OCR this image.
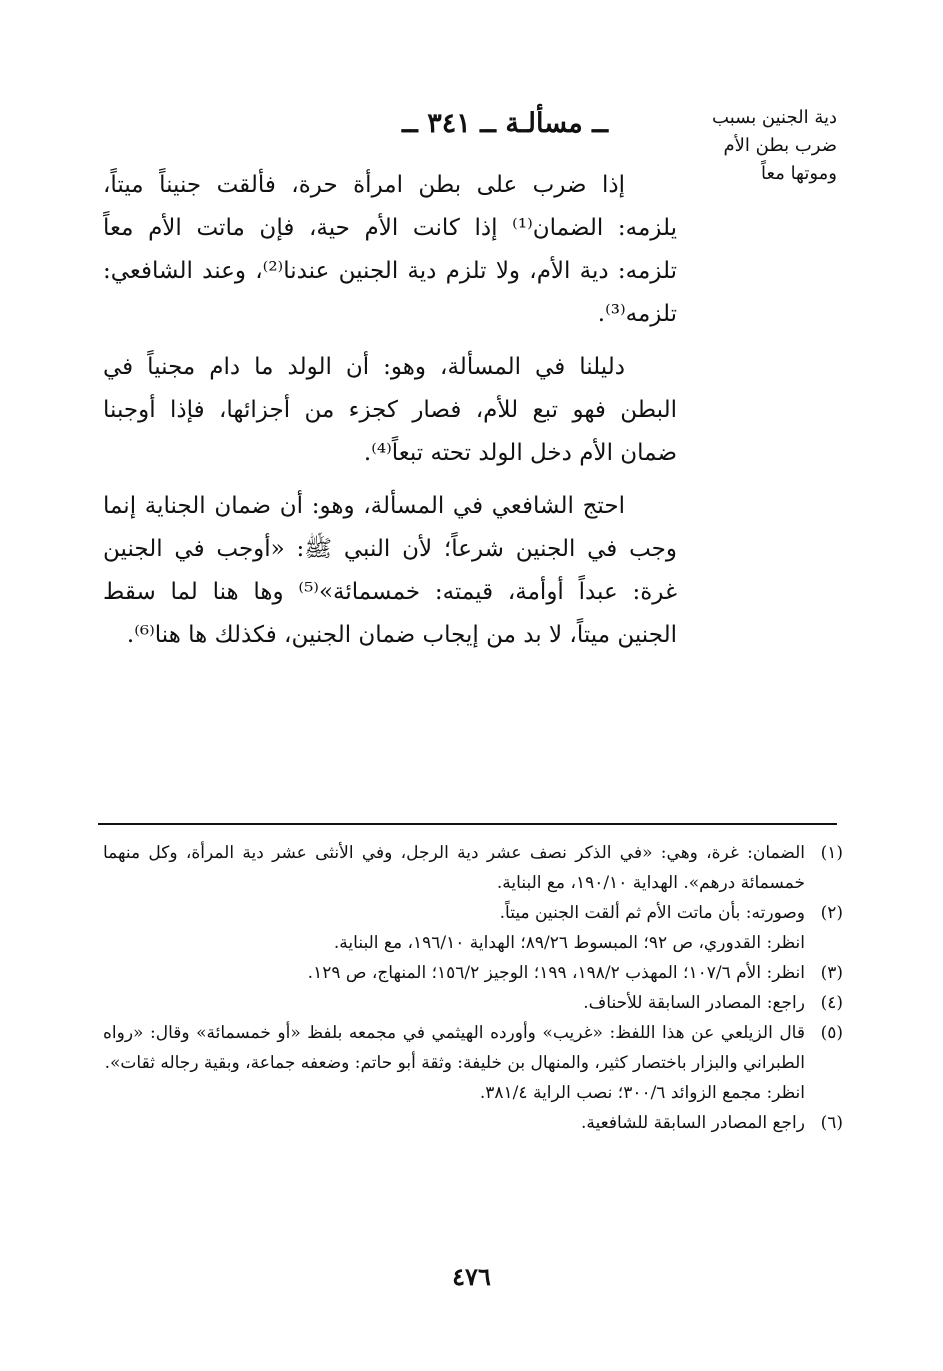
دية الجنين بسبب
ضرب بطن الأم
وموتها معاً
ــ مسألـة ــ ٣٤١ ــ

إذا ضرب على بطن امرأة حرة، فألقت جنيناً ميتاً، يلزمه: الضمان⁽¹⁾ إذا كانت الأم حية، فإن ماتت الأم معاً تلزمه: دية الأم، ولا تلزم دية الجنين عندنا⁽²⁾، وعند الشافعي: تلزمه⁽³⁾.

دليلنا في المسألة، وهو: أن الولد ما دام مجنياً في البطن فهو تبع للأم، فصار كجزء من أجزائها، فإذا أوجبنا ضمان الأم دخل الولد تحته تبعاً⁽⁴⁾.

احتج الشافعي في المسألة، وهو: أن ضمان الجناية إنما وجب في الجنين شرعاً؛ لأن النبي ﷺ: «أوجب في الجنين غرة: عبداً أوأمة، قيمته: خمسمائة»⁽⁵⁾ وها هنا لما سقط الجنين ميتاً، لا بد من إيجاب ضمان الجنين، فكذلك ها هنا⁽⁶⁾.

(١)
الضمان: غرة، وهي: «في الذكر نصف عشر دية الرجل، وفي الأنثى عشر دية المرأة، وكل منهما خمسمائة درهم». الهداية ١٩٠/١٠، مع البناية.
(٢)
وصورته: بأن ماتت الأم ثم ألقت الجنين ميتاً.
انظر: القدوري، ص ٩٢؛ المبسوط ٨٩/٢٦؛ الهداية ١٩٦/١٠، مع البناية.
(٣)
انظر: الأم ١٠٧/٦؛ المهذب ١٩٨/٢، ١٩٩؛ الوجيز ١٥٦/٢؛ المنهاج، ص ١٢٩.
(٤)
راجع: المصادر السابقة للأحناف.
(٥)
قال الزيلعي عن هذا اللفظ: «غريب» وأورده الهيثمي في مجمعه بلفظ «أو خمسمائة» وقال: «رواه الطبراني والبزار باختصار كثير، والمنهال بن خليفة: وثقة أبو حاتم: وضعفه جماعة، وبقية رجاله ثقات».
انظر: مجمع الزوائد ٣٠٠/٦؛ نصب الراية ٣٨١/٤.
(٦)
راجع المصادر السابقة للشافعية.
٤٧٦
